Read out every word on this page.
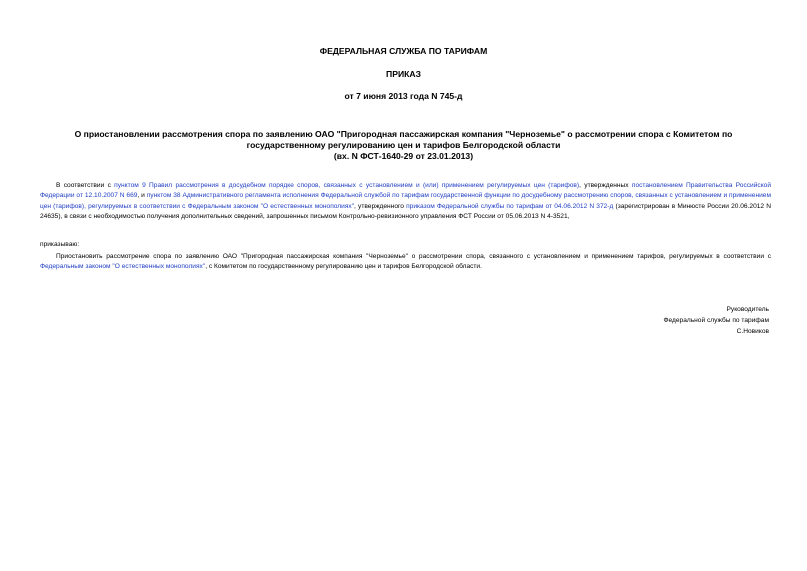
ФЕДЕРАЛЬНАЯ СЛУЖБА ПО ТАРИФАМ

ПРИКАЗ

от 7 июня 2013 года N 745-д

О приостановлении рассмотрения спора по заявлению ОАО "Пригородная пассажирская компания "Черноземье" о рассмотрении спора с Комитетом по
государственному регулированию цен и тарифов Белгородской области
(вх. N ФСТ-1640-29 от 23.01.2013)

В соответствии с пунктом 9 Правил рассмотрения в досудебном порядке споров, связанных с установлением и (или) применением регулируемых цен (тарифов), утвержденных постановлением Правительства Российской Федерации от 12.10.2007 N 669, и пунктом 38 Административного регламента исполнения Федеральной службой по тарифам государственной функции по досудебному рассмотрению споров, связанных с установлением и применением цен (тарифов), регулируемых в соответствии с Федеральным законом "О естественных монополиях", утвержденного приказом Федеральной службы по тарифам от 04.06.2012 N 372-д (зарегистрирован в Минюсте России 20.06.2012 N 24635), в связи с необходимостью получения дополнительных сведений, запрошенных письмом Контрольно-ревизионного управления ФСТ России от 05.06.2013 N 4-3521,

приказываю:

Приостановить рассмотрение спора по заявлению ОАО "Пригородная пассажирская компания "Черноземье" о рассмотрении спора, связанного с установлением и применением тарифов, регулируемых в соответствии с Федеральным законом "О естественных монополиях", с Комитетом по государственному регулированию цен и тарифов Белгородской области.

Руководитель
Федеральной службы по тарифам
С.Новиков
